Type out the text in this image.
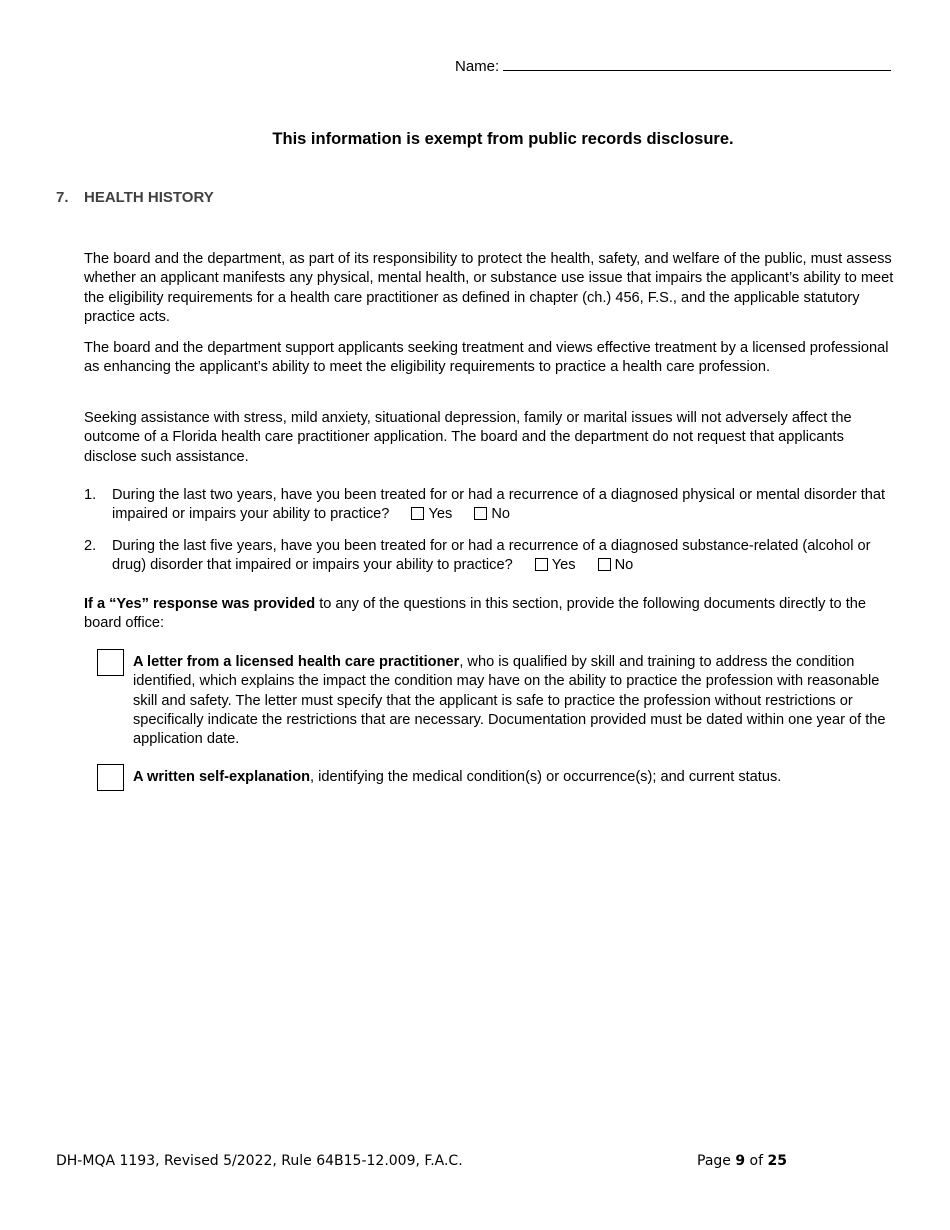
Name:
This information is exempt from public records disclosure.
7. HEALTH HISTORY
The board and the department, as part of its responsibility to protect the health, safety, and welfare of the public, must assess whether an applicant manifests any physical, mental health, or substance use issue that impairs the applicant’s ability to meet the eligibility requirements for a health care practitioner as defined in chapter (ch.) 456, F.S., and the applicable statutory practice acts.
The board and the department support applicants seeking treatment and views effective treatment by a licensed professional as enhancing the applicant’s ability to meet the eligibility requirements to practice a health care profession.
Seeking assistance with stress, mild anxiety, situational depression, family or marital issues will not adversely affect the outcome of a Florida health care practitioner application. The board and the department do not request that applicants disclose such assistance.
1. During the last two years, have you been treated for or had a recurrence of a diagnosed physical or mental disorder that impaired or impairs your ability to practice?	Yes	No
2. During the last five years, have you been treated for or had a recurrence of a diagnosed substance-related (alcohol or drug) disorder that impaired or impairs your ability to practice?	Yes	No
If a “Yes” response was provided to any of the questions in this section, provide the following documents directly to the board office:
A letter from a licensed health care practitioner, who is qualified by skill and training to address the condition identified, which explains the impact the condition may have on the ability to practice the profession with reasonable skill and safety. The letter must specify that the applicant is safe to practice the profession without restrictions or specifically indicate the restrictions that are necessary. Documentation provided must be dated within one year of the application date.
A written self-explanation, identifying the medical condition(s) or occurrence(s); and current status.
DH-MQA 1193, Revised 5/2022, Rule 64B15-12.009, F.A.C.	Page 9 of 25
